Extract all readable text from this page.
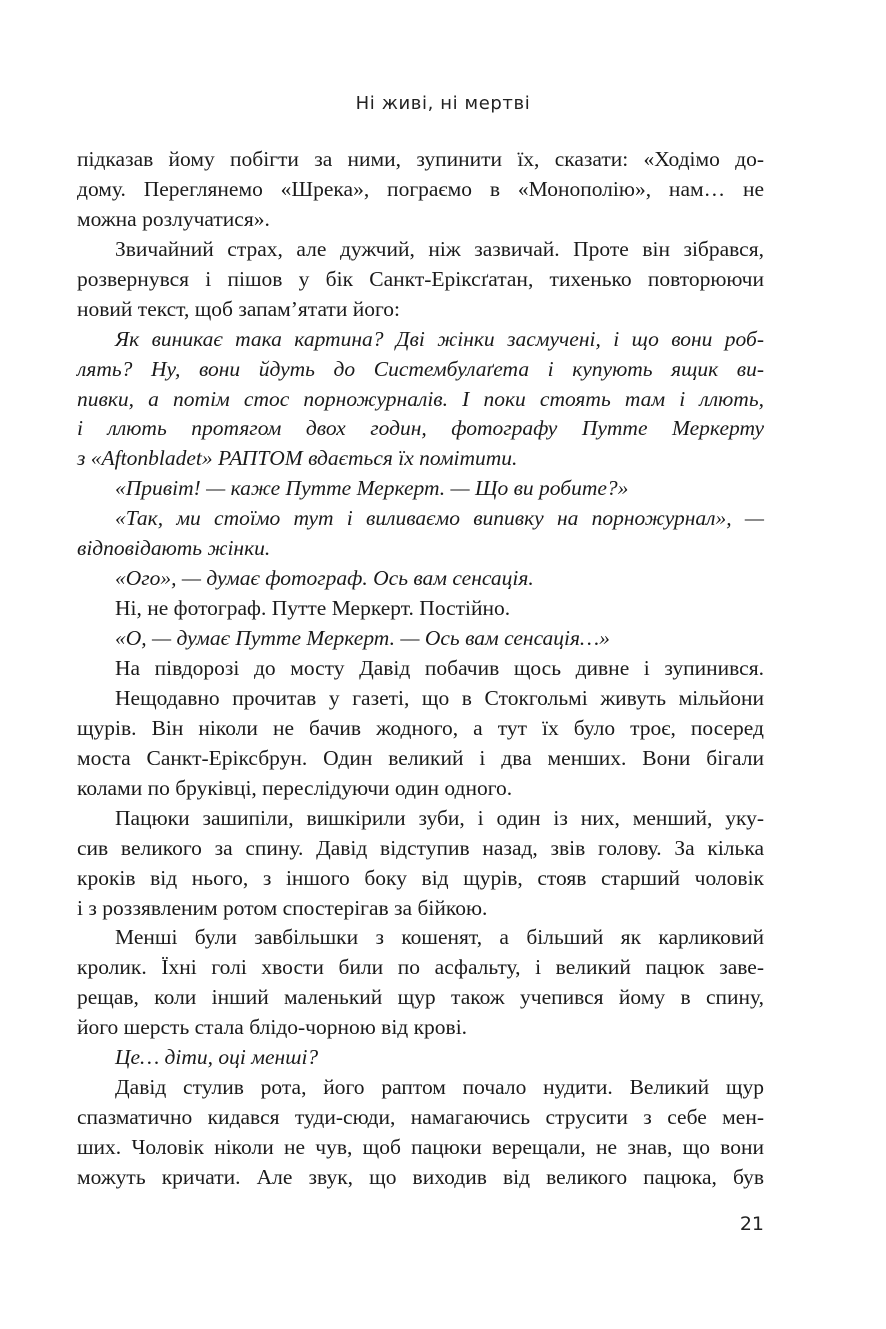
Ні живі, ні мертві
підказав йому побігти за ними, зупинити їх, сказати: «Ходімо до-
дому. Переглянемо «Шрека», пограємо в «Монополію», нам… не
можна розлучатися».
Звичайний страх, але дужчий, ніж зазвичай. Проте він зібрався,
розвернувся і пішов у бік Санкт-Еріксґатан, тихенько повторюючи
новий текст, щоб запам’ятати його:
Як виникає така картина? Дві жінки засмучені, і що вони роб-
лять? Ну, вони йдуть до Систембулаґета і купують ящик ви-
пивки, а потім стос порножурналів. І поки стоять там і ллють,
і ллють протягом двох годин, фотографу Путте Меркерту
з «Aftonbladet» РАПТОМ вдається їх помітити.
«Привіт! — каже Путте Меркерт. — Що ви робите?»
«Так, ми стоїмо тут і виливаємо випивку на порножурнал», —
відповідають жінки.
«Ого», — думає фотограф. Ось вам сенсація.
Ні, не фотограф. Путте Меркерт. Постійно.
«О, — думає Путте Меркерт. — Ось вам сенсація…»
На півдорозі до мосту Давід побачив щось дивне і зупинився.
Нещодавно прочитав у газеті, що в Стокгольмі живуть мільйони
щурів. Він ніколи не бачив жодного, а тут їх було троє, посеред
моста Санкт-Еріксбрун. Один великий і два менших. Вони бігали
колами по бруківці, переслідуючи один одного.
Пацюки зашипіли, вишкірили зуби, і один із них, менший, уку-
сив великого за спину. Давід відступив назад, звів голову. За кілька
кроків від нього, з іншого боку від щурів, стояв старший чоловік
і з роззявленим ротом спостерігав за бійкою.
Менші були завбільшки з кошенят, а більший як карликовий
кролик. Їхні голі хвости били по асфальту, і великий пацюк заве-
рещав, коли інший маленький щур також учепився йому в спину,
його шерсть стала блідо-чорною від крові.
Це… діти, оці менші?
Давід стулив рота, його раптом почало нудити. Великий щур
спазматично кидався туди-сюди, намагаючись струсити з себе мен-
ших. Чоловік ніколи не чув, щоб пацюки верещали, не знав, що вони
можуть кричати. Але звук, що виходив від великого пацюка, був
21
